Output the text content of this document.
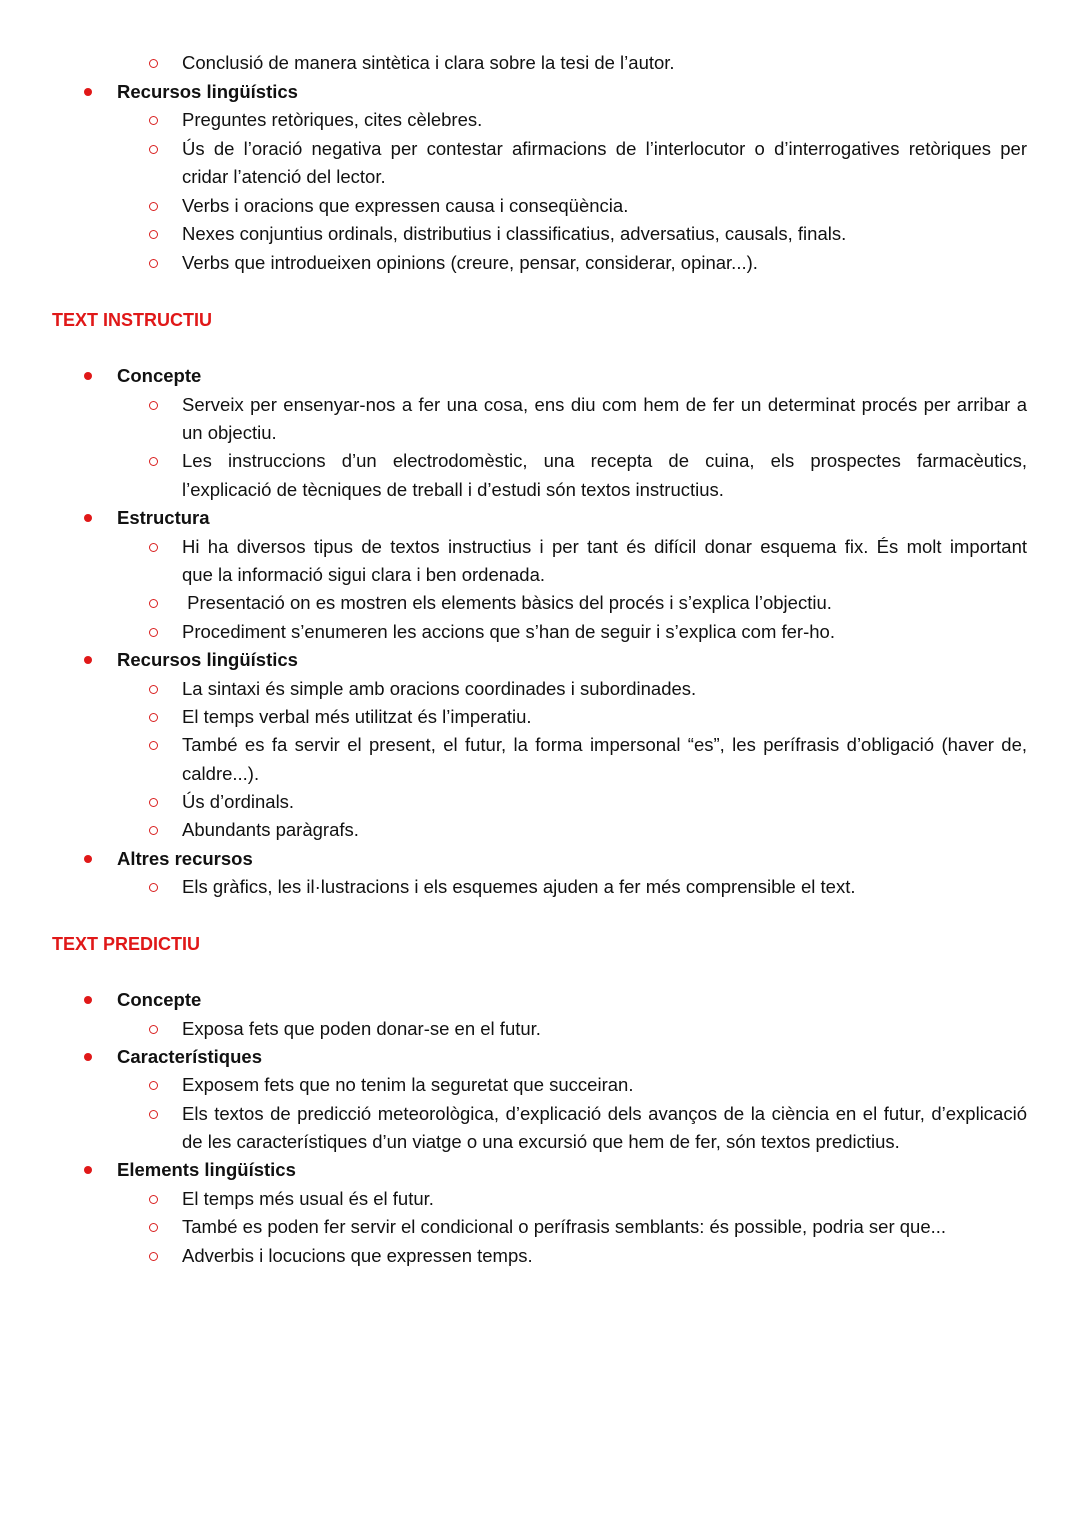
Conclusió de manera sintètica i clara sobre la tesi de l’autor.
Recursos lingüístics
Preguntes retòriques, cites cèlebres.
Ús de l’oració negativa per contestar afirmacions de l’interlocutor o d’interrogatives retòriques per
cridar l’atenció del lector.
Verbs i oracions que expressen causa i conseqüència.
Nexes conjuntius ordinals, distributius i classificatius, adversatius, causals, finals.
Verbs que introdueixen opinions (creure, pensar, considerar, opinar...).
TEXT INSTRUCTIU
Concepte
Serveix per ensenyar-nos a fer una cosa, ens diu com hem de fer un determinat procés per arribar a
un objectiu.
Les instruccions d’un electrodomèstic, una recepta de cuina, els prospectes farmacèutics,
l’explicació de tècniques de treball i d’estudi són textos instructius.
Estructura
Hi ha diversos tipus de textos instructius i per tant és difícil donar esquema fix. És molt important
que la informació sigui clara i ben ordenada.
Presentació on es mostren els elements bàsics del procés i s’explica l’objectiu.
Procediment s’enumeren les accions que s’han de seguir i s’explica com fer-ho.
Recursos lingüístics
La sintaxi és simple amb oracions coordinades i subordinades.
El temps verbal més utilitzat és l’imperatiu.
També es fa servir el present, el futur, la forma impersonal “es”, les perífrasis d’obligació (haver de,
caldre...).
Ús d’ordinals.
Abundants paràgrafs.
Altres recursos
Els gràfics, les il·lustracions i els esquemes ajuden a fer més comprensible el text.
TEXT PREDICTIU
Concepte
Exposa fets que poden donar-se en el futur.
Característiques
Exposem fets que no tenim la seguretat que succeiran.
Els textos de predicció meteorològica, d’explicació dels avanços de la ciència en el futur, d’explicació
de les característiques d’un viatge o una excursió que hem de fer, són textos predictius.
Elements lingüístics
El temps més usual és el futur.
També es poden fer servir el condicional o perífrasis semblants: és possible, podria ser que...
Adverbis i locucions que expressen temps.
